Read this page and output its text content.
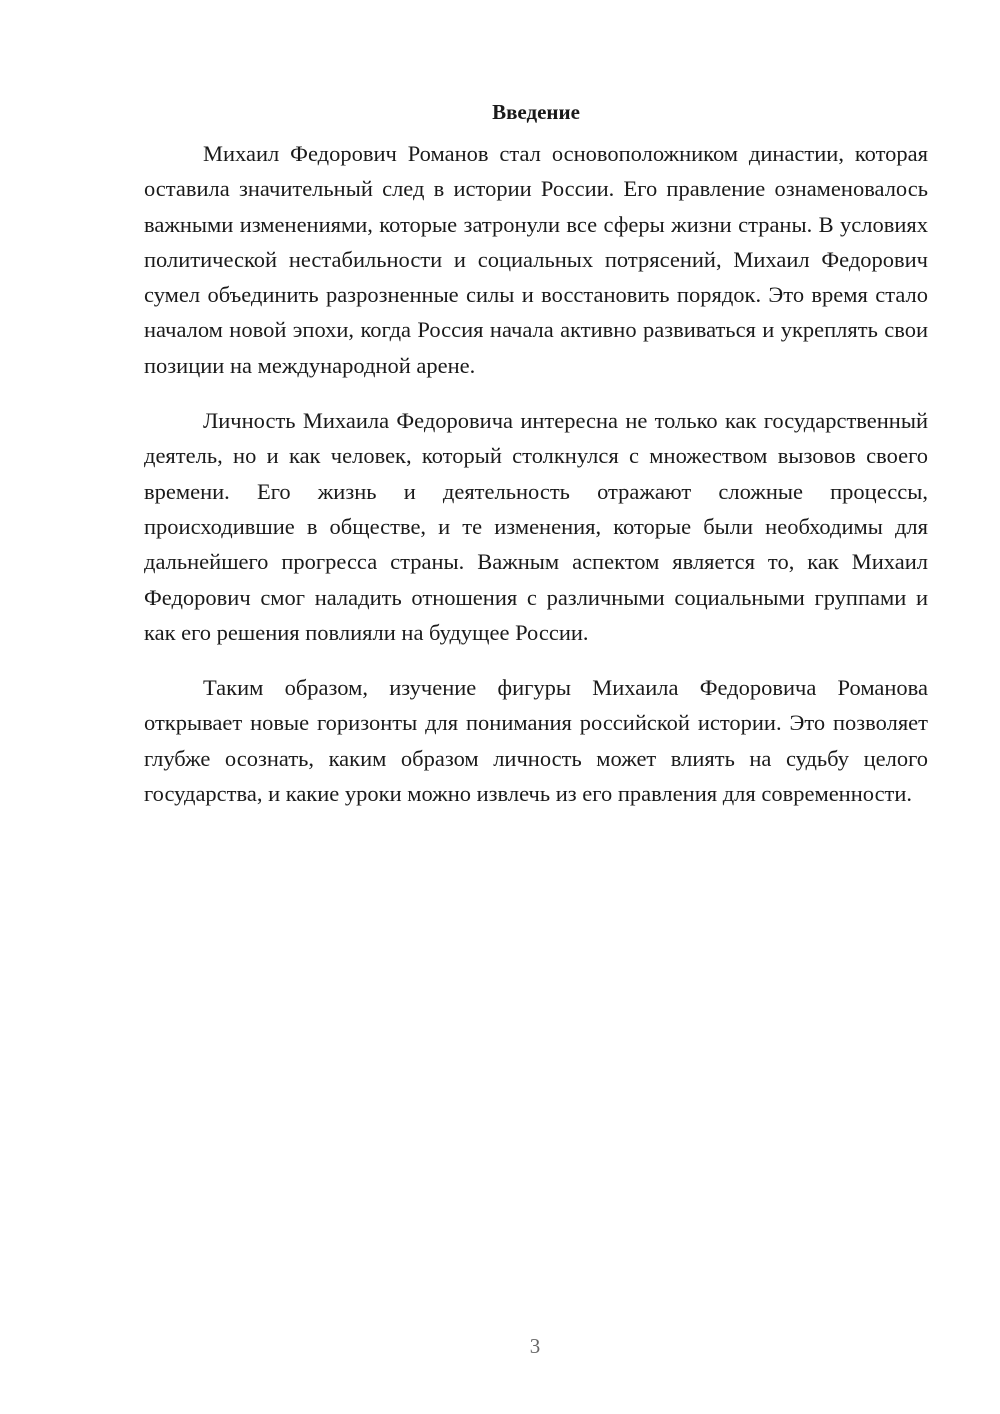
Введение

Михаил Федорович Романов стал основоположником династии, которая оставила значительный след в истории России. Его правление ознаменовалось важными изменениями, которые затронули все сферы жизни страны. В условиях политической нестабильности и социальных потрясений, Михаил Федорович сумел объединить разрозненные силы и восстановить порядок. Это время стало началом новой эпохи, когда Россия начала активно развиваться и укреплять свои позиции на международной арене.

Личность Михаила Федоровича интересна не только как государственный деятель, но и как человек, который столкнулся с множеством вызовов своего времени. Его жизнь и деятельность отражают сложные процессы, происходившие в обществе, и те изменения, которые были необходимы для дальнейшего прогресса страны. Важным аспектом является то, как Михаил Федорович смог наладить отношения с различными социальными группами и как его решения повлияли на будущее России.

Таким образом, изучение фигуры Михаила Федоровича Романова открывает новые горизонты для понимания российской истории. Это позволяет глубже осознать, каким образом личность может влиять на судьбу целого государства, и какие уроки можно извлечь из его правления для современности.

3
